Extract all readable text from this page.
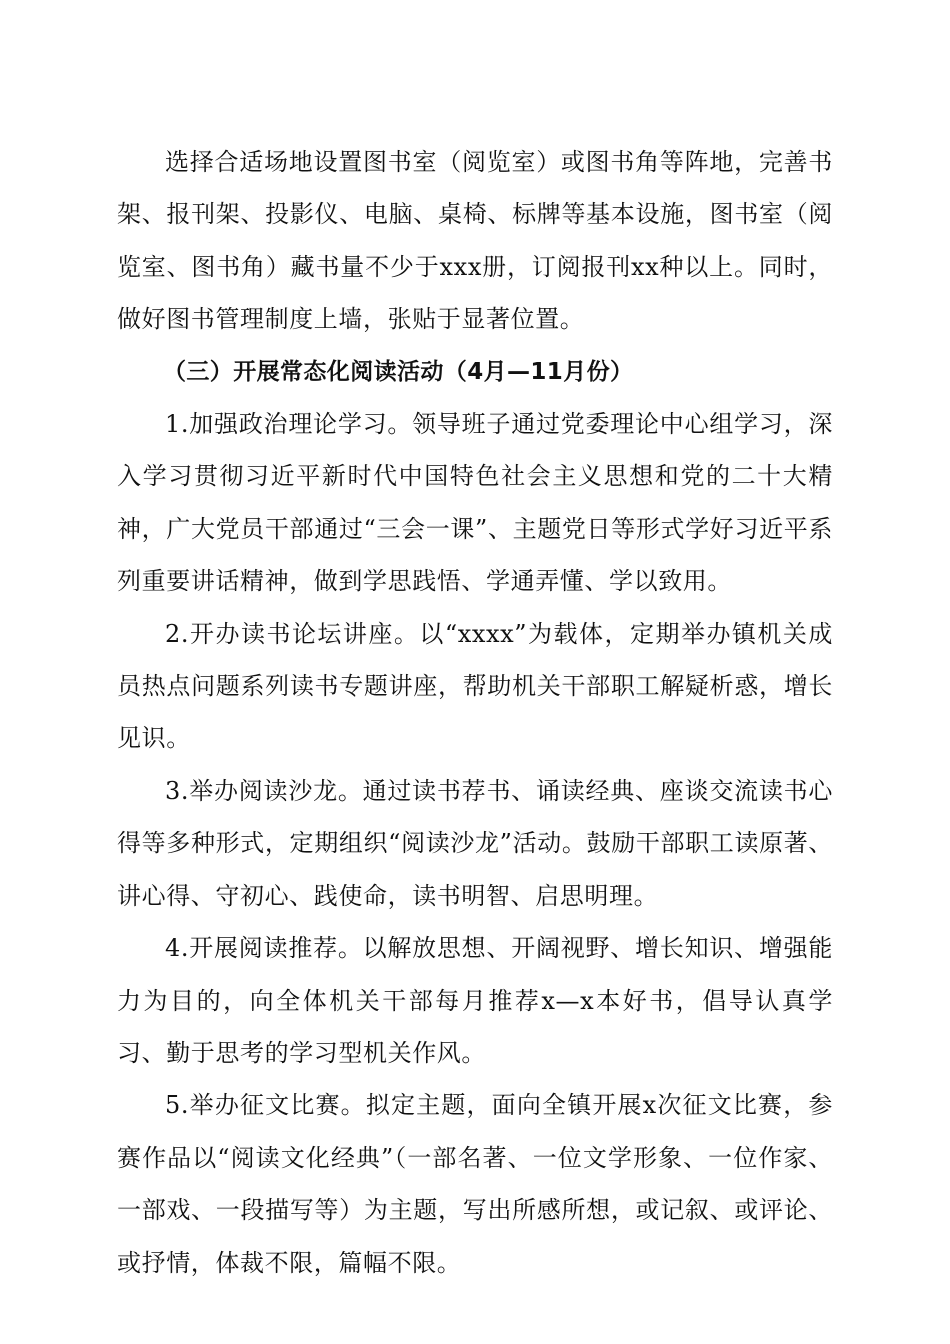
选择合适场地设置图书室（阅览室）或图书角等阵地，完善书架、报刊架、投影仪、电脑、桌椅、标牌等基本设施，图书室（阅览室、图书角）藏书量不少于xxx册，订阅报刊xx种以上。同时，做好图书管理制度上墙，张贴于显著位置。

（三）开展常态化阅读活动（4月—11月份）

1.加强政治理论学习。领导班子通过党委理论中心组学习，深入学习贯彻习近平新时代中国特色社会主义思想和党的二十大精神，广大党员干部通过“三会一课”、主题党日等形式学好习近平系列重要讲话精神，做到学思践悟、学通弄懂、学以致用。

2.开办读书论坛讲座。以“xxxx”为载体，定期举办镇机关成员热点问题系列读书专题讲座，帮助机关干部职工解疑析惑，增长见识。

3.举办阅读沙龙。通过读书荐书、诵读经典、座谈交流读书心得等多种形式，定期组织“阅读沙龙”活动。鼓励干部职工读原著、讲心得、守初心、践使命，读书明智、启思明理。

4.开展阅读推荐。以解放思想、开阔视野、增长知识、增强能力为目的，向全体机关干部每月推荐x—x本好书，倡导认真学习、勤于思考的学习型机关作风。

5.举办征文比赛。拟定主题，面向全镇开展x次征文比赛，参赛作品以“阅读文化经典”（一部名著、一位文学形象、一位作家、一部戏、一段描写等）为主题，写出所感所想，或记叙、或评论、或抒情，体裁不限，篇幅不限。
